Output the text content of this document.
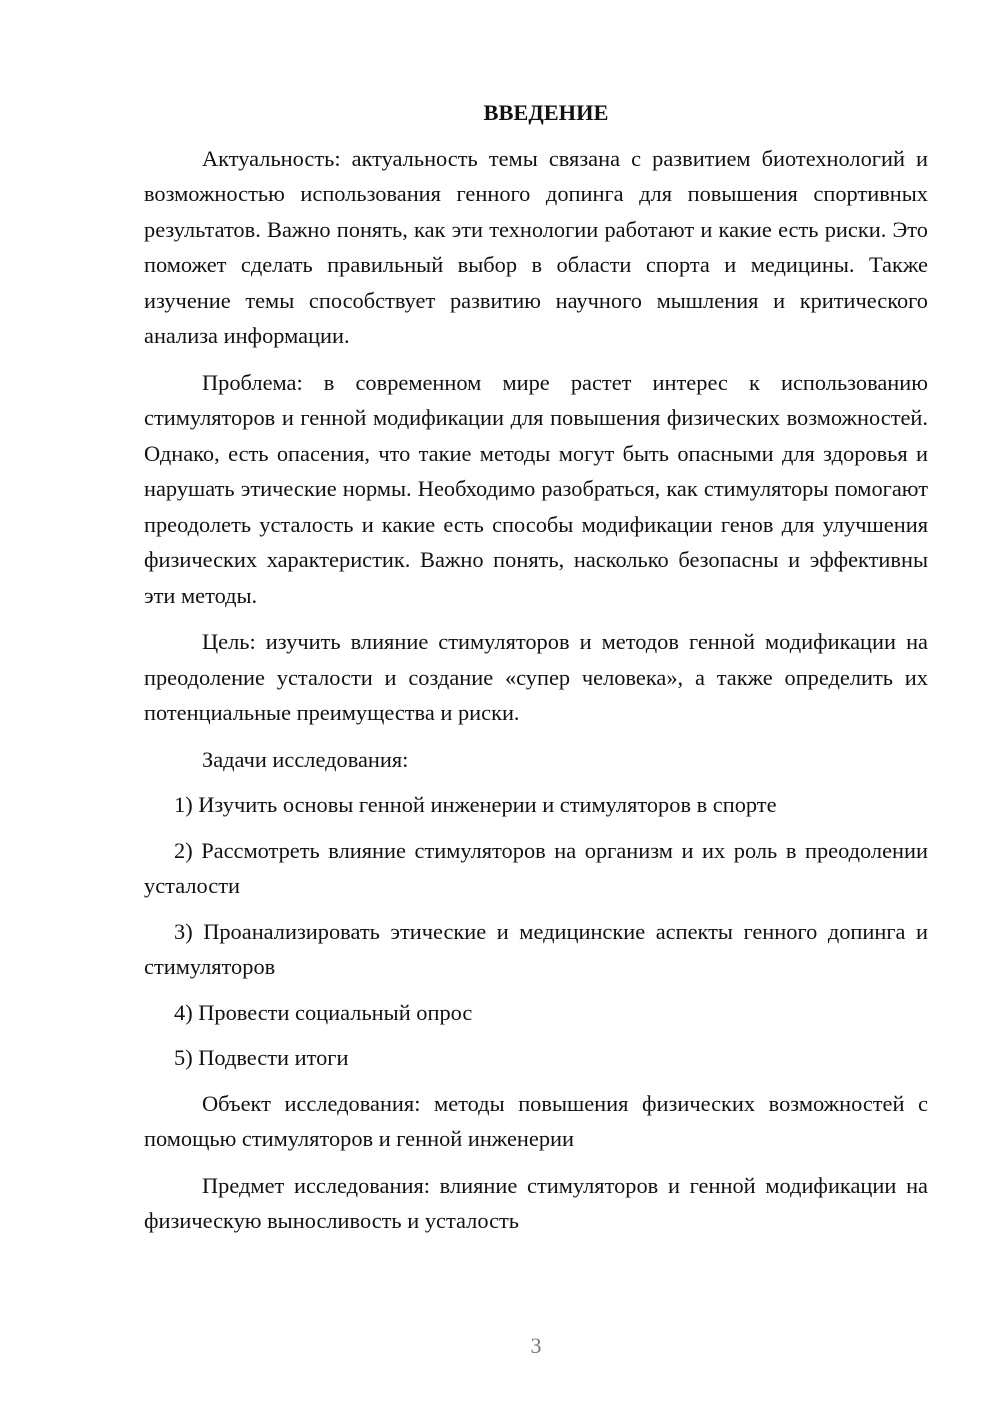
ВВЕДЕНИЕ

Актуальность: актуальность темы связана с развитием биотехнологий и возможностью использования генного допинга для повышения спортивных результатов. Важно понять, как эти технологии работают и какие есть риски. Это поможет сделать правильный выбор в области спорта и медицины. Также изучение темы способствует развитию научного мышления и критического анализа информации.

Проблема: в современном мире растет интерес к использованию стимуляторов и генной модификации для повышения физических возможностей. Однако, есть опасения, что такие методы могут быть опасными для здоровья и нарушать этические нормы. Необходимо разобраться, как стимуляторы помогают преодолеть усталость и какие есть способы модификации генов для улучшения физических характеристик. Важно понять, насколько безопасны и эффективны эти методы.

Цель: изучить влияние стимуляторов и методов генной модификации на преодоление усталости и создание «супер человека», а также определить их потенциальные преимущества и риски.

Задачи исследования:

1) Изучить основы генной инженерии и стимуляторов в спорте

2) Рассмотреть влияние стимуляторов на организм и их роль в преодолении усталости

3) Проанализировать этические и медицинские аспекты генного допинга и стимуляторов

4) Провести социальный опрос

5) Подвести итоги

Объект исследования: методы повышения физических возможностей с помощью стимуляторов и генной инженерии

Предмет исследования: влияние стимуляторов и генной модификации на физическую выносливость и усталость

3
